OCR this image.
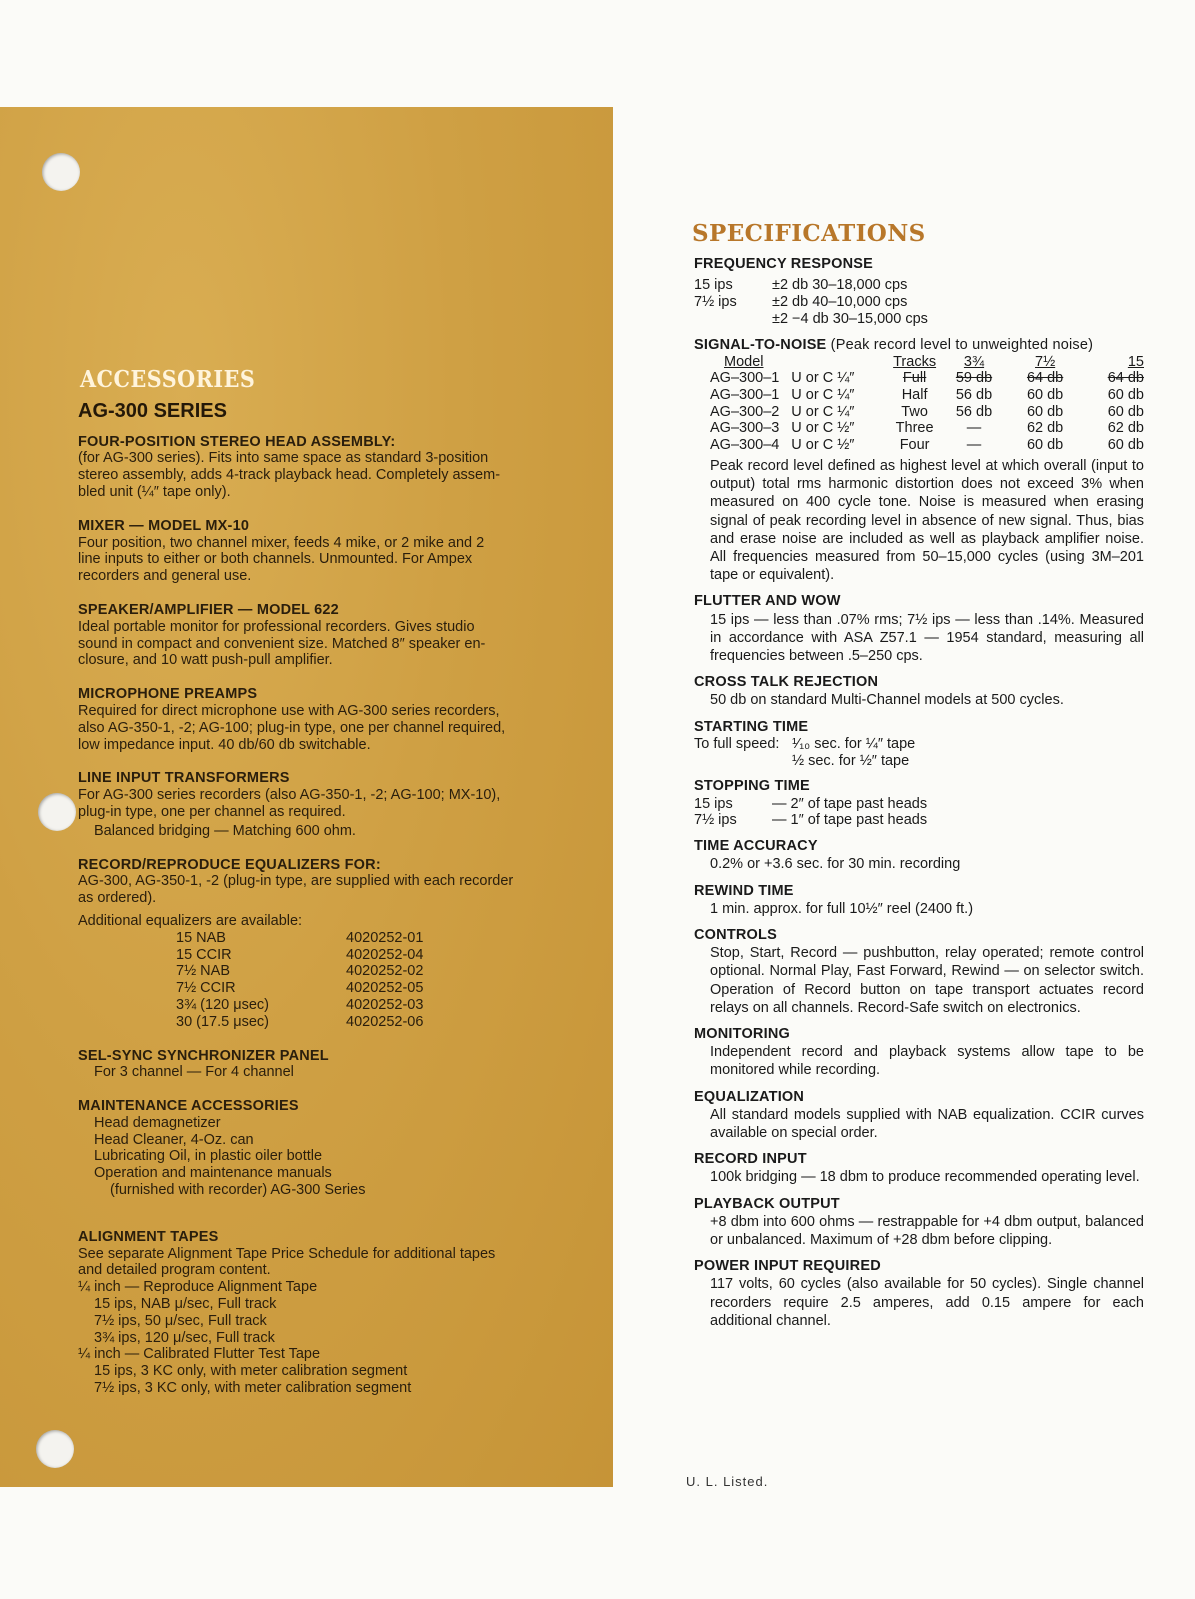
ACCESSORIES
AG-300 SERIES
FOUR-POSITION STEREO HEAD ASSEMBLY:
(for AG-300 series). Fits into same space as standard 3-position
stereo assembly, adds 4-track playback head. Completely assem-
bled unit (¼″ tape only).
MIXER — MODEL MX-10
Four position, two channel mixer, feeds 4 mike, or 2 mike and 2
line inputs to either or both channels. Unmounted. For Ampex
recorders and general use.
SPEAKER/AMPLIFIER — MODEL 622
Ideal portable monitor for professional recorders. Gives studio
sound in compact and convenient size. Matched 8″ speaker en-
closure, and 10 watt push-pull amplifier.
MICROPHONE PREAMPS
Required for direct microphone use with AG-300 series recorders,
also AG-350-1, -2; AG-100; plug-in type, one per channel required,
low impedance input. 40 db/60 db switchable.
LINE INPUT TRANSFORMERS
For AG-300 series recorders (also AG-350-1, -2; AG-100; MX-10),
plug-in type, one per channel as required.
Balanced bridging — Matching 600 ohm.
RECORD/REPRODUCE EQUALIZERS FOR:
AG-300, AG-350-1, -2 (plug-in type, are supplied with each recorder
as ordered).
Additional equalizers are available:
15 NAB	4020252-01
15 CCIR	4020252-04
7½ NAB	4020252-02
7½ CCIR	4020252-05
3¾ (120 μsec)	4020252-03
30 (17.5 μsec)	4020252-06
SEL-SYNC SYNCHRONIZER PANEL
For 3 channel — For 4 channel
MAINTENANCE ACCESSORIES
Head demagnetizer
Head Cleaner, 4-Oz. can
Lubricating Oil, in plastic oiler bottle
Operation and maintenance manuals
(furnished with recorder) AG-300 Series
ALIGNMENT TAPES
See separate Alignment Tape Price Schedule for additional tapes
and detailed program content.
¼ inch — Reproduce Alignment Tape
15 ips, NAB μ/sec, Full track
7½ ips, 50 μ/sec, Full track
3¾ ips, 120 μ/sec, Full track
¼ inch — Calibrated Flutter Test Tape
15 ips, 3 KC only, with meter calibration segment
7½ ips, 3 KC only, with meter calibration segment
SPECIFICATIONS
FREQUENCY RESPONSE
15 ips	±2 db 30–18,000 cps
7½ ips	±2 db 40–10,000 cps
	±2 −4 db 30–15,000 cps
SIGNAL-TO-NOISE (Peak record level to unweighted noise)
Model		Tracks	3¾	7½	15
AG–300–1	U or C ¼″	Full	59 db	64 db	64 db
AG–300–1	U or C ¼″	Half	56 db	60 db	60 db
AG–300–2	U or C ¼″	Two	56 db	60 db	60 db
AG–300–3	U or C ½″	Three	—	62 db	62 db
AG–300–4	U or C ½″	Four	—	60 db	60 db
Peak record level defined as highest level at which overall (input to output) total rms harmonic distortion does not exceed 3% when measured on 400 cycle tone. Noise is measured when erasing signal of peak recording level in absence of new signal. Thus, bias and erase noise are included as well as playback amplifier noise. All frequencies measured from 50–15,000 cycles (using 3M–201 tape or equivalent).
FLUTTER AND WOW
15 ips — less than .07% rms; 7½ ips — less than .14%. Measured in accordance with ASA Z57.1 — 1954 standard, measuring all frequencies between .5–250 cps.
CROSS TALK REJECTION
50 db on standard Multi-Channel models at 500 cycles.
STARTING TIME
To full speed:	¹⁄₁₀ sec. for ¼″ tape
	½ sec. for ½″ tape
STOPPING TIME
15 ips	— 2″ of tape past heads
7½ ips	— 1″ of tape past heads
TIME ACCURACY
0.2% or +3.6 sec. for 30 min. recording
REWIND TIME
1 min. approx. for full 10½″ reel (2400 ft.)
CONTROLS
Stop, Start, Record — pushbutton, relay operated; remote control optional. Normal Play, Fast Forward, Rewind — on selector switch. Operation of Record button on tape transport actuates record relays on all channels. Record-Safe switch on electronics.
MONITORING
Independent record and playback systems allow tape to be monitored while recording.
EQUALIZATION
All standard models supplied with NAB equalization. CCIR curves available on special order.
RECORD INPUT
100k bridging — 18 dbm to produce recommended operating level.
PLAYBACK OUTPUT
+8 dbm into 600 ohms — restrappable for +4 dbm output, balanced or unbalanced. Maximum of +28 dbm before clipping.
POWER INPUT REQUIRED
117 volts, 60 cycles (also available for 50 cycles). Single channel recorders require 2.5 amperes, add 0.15 ampere for each additional channel.
U. L. Listed.
